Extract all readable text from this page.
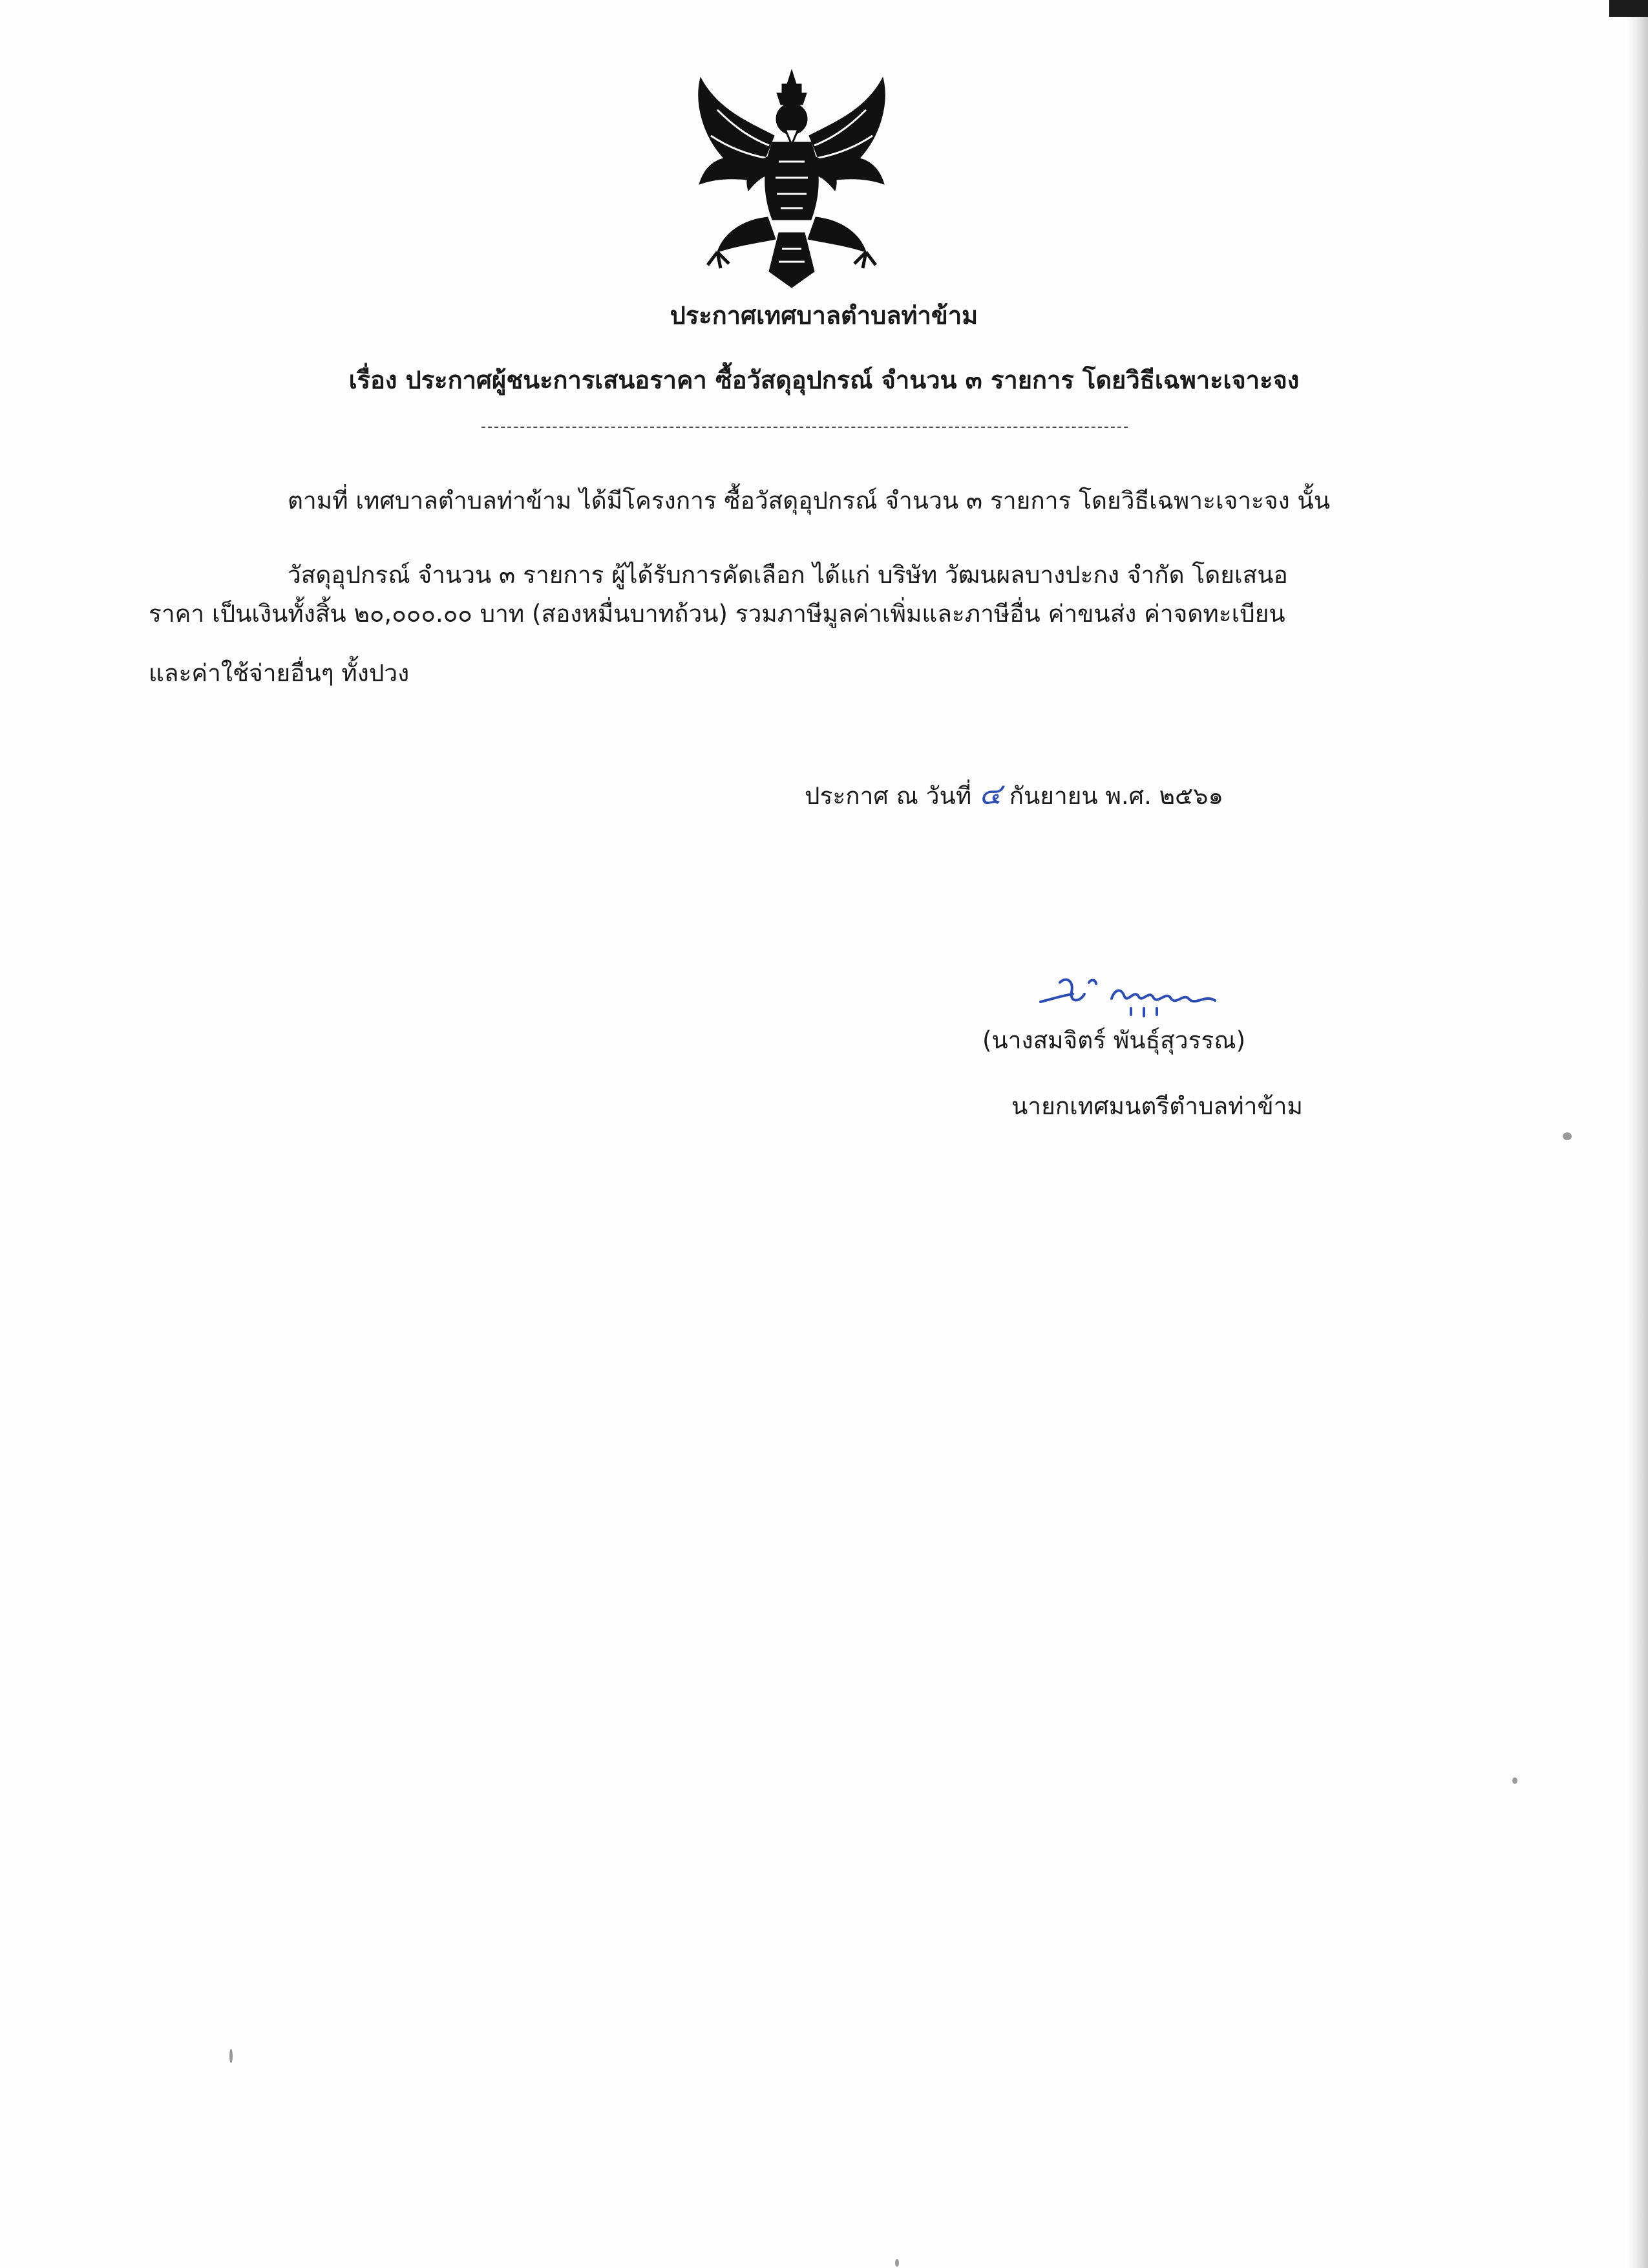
ประกาศเทศบาลตำบลท่าข้าม
เรื่อง ประกาศผู้ชนะการเสนอราคา ซื้อวัสดุอุปกรณ์ จำนวน ๓ รายการ โดยวิธีเฉพาะเจาะจง
ตามที่ เทศบาลตำบลท่าข้าม ได้มีโครงการ ซื้อวัสดุอุปกรณ์ จำนวน ๓ รายการ โดยวิธีเฉพาะเจาะจง นั้น
วัสดุอุปกรณ์ จำนวน ๓ รายการ ผู้ได้รับการคัดเลือก ได้แก่ บริษัท วัฒนผลบางปะกง จำกัด โดยเสนอ
ราคา เป็นเงินทั้งสิ้น ๒๐,๐๐๐.๐๐ บาท (สองหมื่นบาทถ้วน) รวมภาษีมูลค่าเพิ่มและภาษีอื่น ค่าขนส่ง ค่าจดทะเบียน
และค่าใช้จ่ายอื่นๆ ทั้งปวง
ประกาศ ณ วันที่ ๔ กันยายน พ.ศ. ๒๕๖๑
(นางสมจิตร์ พันธุ์สุวรรณ)
นายกเทศมนตรีตำบลท่าข้าม
